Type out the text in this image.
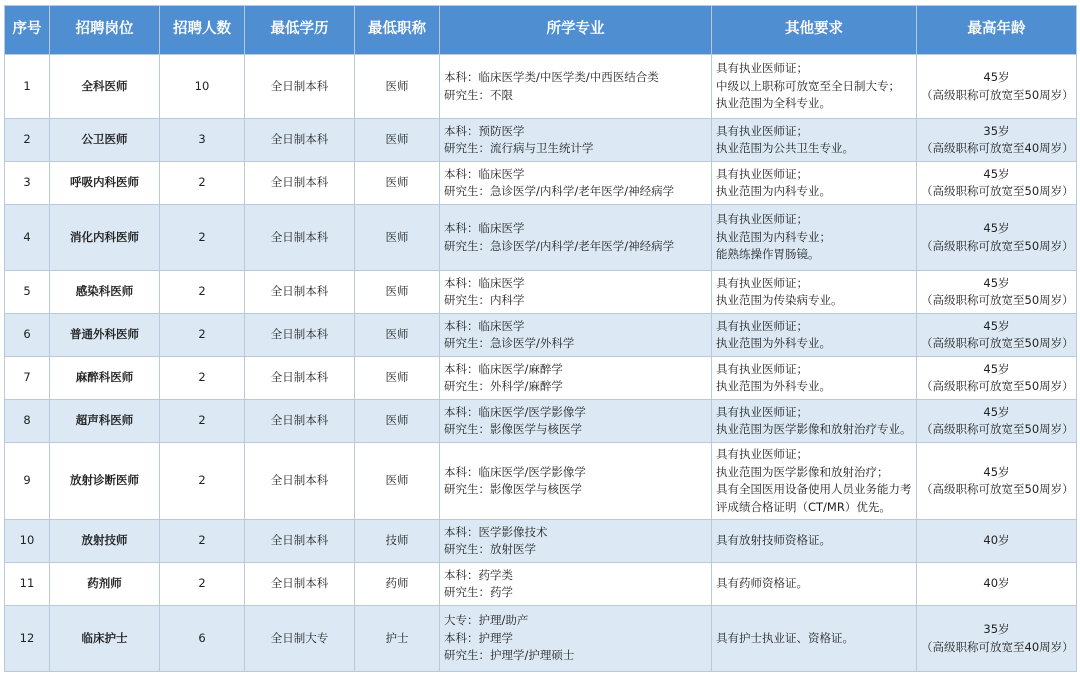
序号	招聘岗位	招聘人数	最低学历	最低职称	所学专业	其他要求	最高年龄
1	全科医师	10	全日制本科	医师	本科：临床医学类/中医学类/中西医结合类
研究生：不限	具有执业医师证；
中级以上职称可放宽至全日制大专；
执业范围为全科专业。	45岁
（高级职称可放宽至50周岁）

2	公卫医师	3	全日制本科	医师	本科：预防医学
研究生：流行病与卫生统计学	具有执业医师证；
执业范围为公共卫生专业。	35岁
（高级职称可放宽至40周岁）

3	呼吸内科医师	2	全日制本科	医师	本科：临床医学
研究生：急诊医学/内科学/老年医学/神经病学	具有执业医师证；
执业范围为内科专业。	45岁
（高级职称可放宽至50周岁）

4	消化内科医师	2	全日制本科	医师	本科：临床医学
研究生：急诊医学/内科学/老年医学/神经病学	具有执业医师证；
执业范围为内科专业；
能熟练操作胃肠镜。	45岁
（高级职称可放宽至50周岁）

5	感染科医师	2	全日制本科	医师	本科：临床医学
研究生：内科学	具有执业医师证；
执业范围为传染病专业。	45岁
（高级职称可放宽至50周岁）

6	普通外科医师	2	全日制本科	医师	本科：临床医学
研究生：急诊医学/外科学	具有执业医师证；
执业范围为外科专业。	45岁
（高级职称可放宽至50周岁）

7	麻醉科医师	2	全日制本科	医师	本科：临床医学/麻醉学
研究生：外科学/麻醉学	具有执业医师证；
执业范围为外科专业。	45岁
（高级职称可放宽至50周岁）

8	超声科医师	2	全日制本科	医师	本科：临床医学/医学影像学
研究生：影像医学与核医学	具有执业医师证；
执业范围为医学影像和放射治疗专业。	45岁
（高级职称可放宽至50周岁）

9	放射诊断医师	2	全日制本科	医师	本科：临床医学/医学影像学
研究生：影像医学与核医学	具有执业医师证；
执业范围为医学影像和放射治疗；
具有全国医用设备使用人员业务能力考
评成绩合格证明（CT/MR）优先。	45岁
（高级职称可放宽至50周岁）

10	放射技师	2	全日制本科	技师	本科：医学影像技术
研究生：放射医学	具有放射技师资格证。	40岁

11	药剂师	2	全日制本科	药师	本科：药学类
研究生：药学	具有药师资格证。	40岁

12	临床护士	6	全日制大专	护士	大专：护理/助产
本科：护理学
研究生：护理学/护理硕士	具有护士执业证、资格证。	35岁
（高级职称可放宽至40周岁）
